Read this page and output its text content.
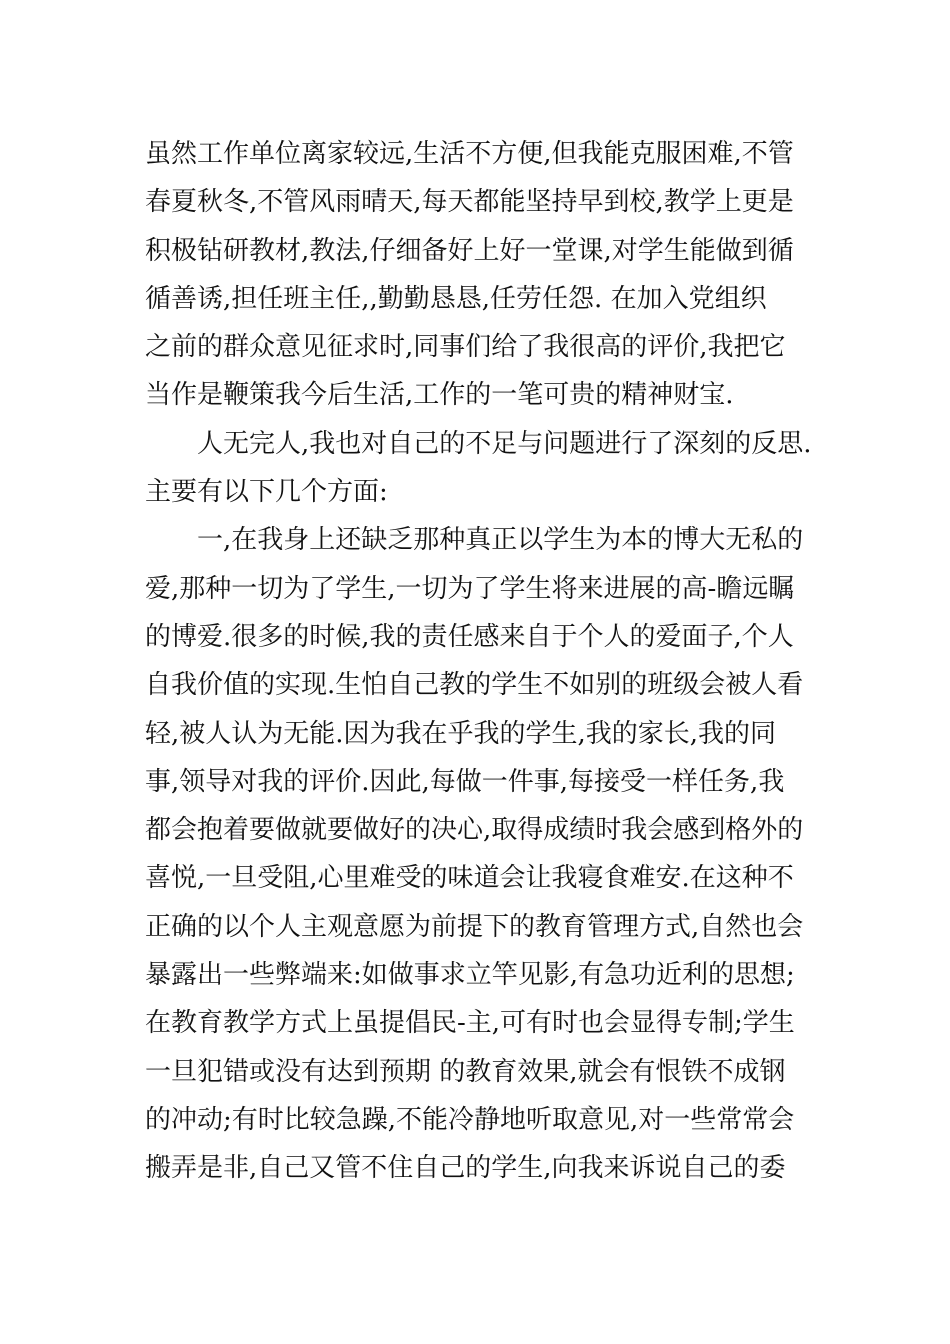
虽然工作单位离家较远,生活不方便,但我能克服困难,不管
春夏秋冬,不管风雨晴天,每天都能坚持早到校,教学上更是
积极钻研教材,教法,仔细备好上好一堂课,对学生能做到循
循善诱,担任班主任,,勤勤恳恳,任劳任怨. 在加入党组织
之前的群众意见征求时,同事们给了我很高的评价,我把它
当作是鞭策我今后生活,工作的一笔可贵的精神财宝.
人无完人,我也对自己的不足与问题进行了深刻的反思.
主要有以下几个方面:
一,在我身上还缺乏那种真正以学生为本的博大无私的
爱,那种一切为了学生,一切为了学生将来进展的高-瞻远瞩
的博爱.很多的时候,我的责任感来自于个人的爱面子,个人
自我价值的实现.生怕自己教的学生不如别的班级会被人看
轻,被人认为无能.因为我在乎我的学生,我的家长,我的同
事,领导对我的评价.因此,每做一件事,每接受一样任务,我
都会抱着要做就要做好的决心,取得成绩时我会感到格外的
喜悦,一旦受阻,心里难受的味道会让我寝食难安.在这种不
正确的以个人主观意愿为前提下的教育管理方式,自然也会
暴露出一些弊端来:如做事求立竿见影,有急功近利的思想;
在教育教学方式上虽提倡民-主,可有时也会显得专制;学生
一旦犯错或没有达到预期 的教育效果,就会有恨铁不成钢
的冲动;有时比较急躁,不能冷静地听取意见,对一些常常会
搬弄是非,自己又管不住自己的学生,向我来诉说自己的委
